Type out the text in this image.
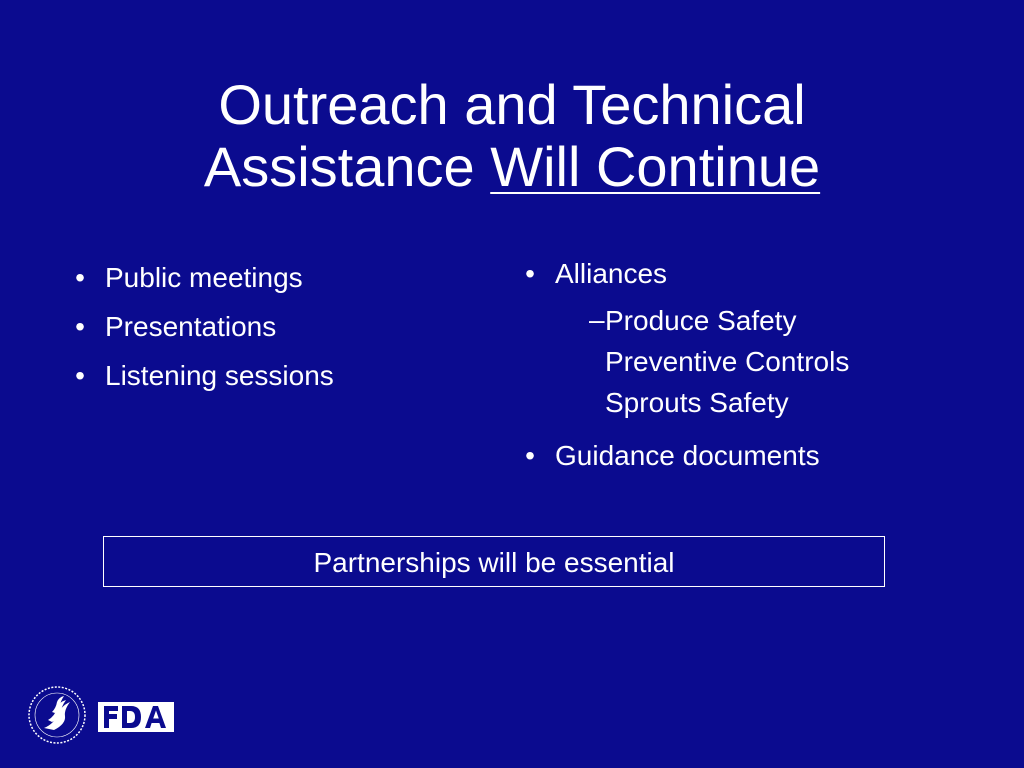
Outreach and Technical
Assistance Will Continue
• Public meetings
• Presentations
• Listening sessions
• Alliances
– Produce Safety
Preventive Controls
Sprouts Safety
• Guidance documents
Partnerships will be essential
